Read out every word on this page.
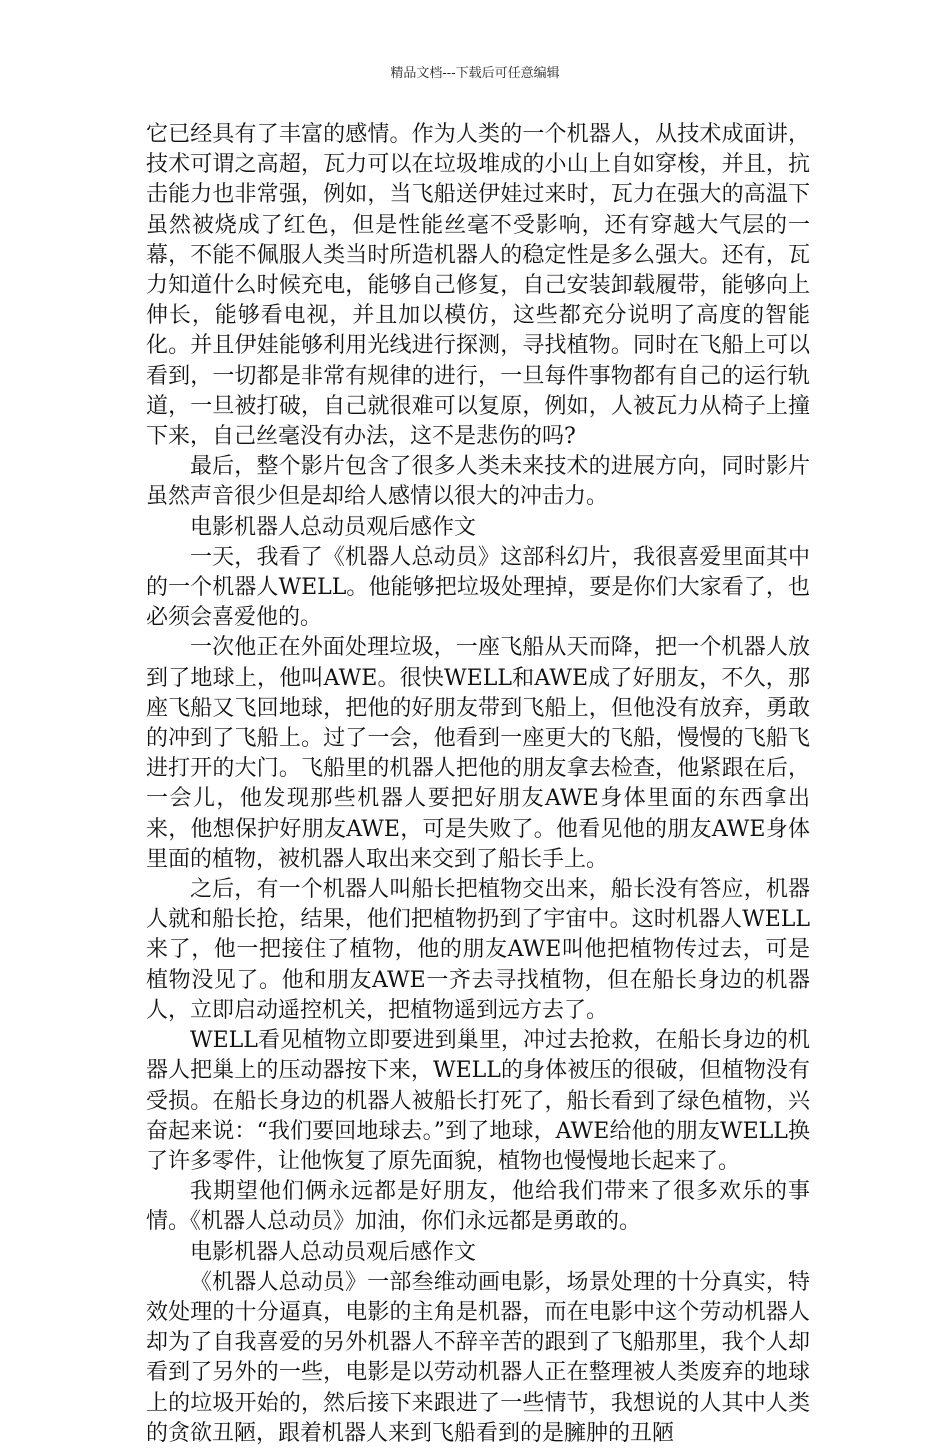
精品文档---下载后可任意编辑

它已经具有了丰富的感情。作为人类的一个机器人，从技术成面讲，技术可谓之高超，瓦力可以在垃圾堆成的小山上自如穿梭，并且，抗击能力也非常强，例如，当飞船送伊娃过来时，瓦力在强大的高温下虽然被烧成了红色，但是性能丝毫不受影响，还有穿越大气层的一幕，不能不佩服人类当时所造机器人的稳定性是多么强大。还有，瓦力知道什么时候充电，能够自己修复，自己安装卸载履带，能够向上伸长，能够看电视，并且加以模仿，这些都充分说明了高度的智能化。并且伊娃能够利用光线进行探测，寻找植物。同时在飞船上可以看到，一切都是非常有规律的进行，一旦每件事物都有自己的运行轨道，一旦被打破，自己就很难可以复原，例如，人被瓦力从椅子上撞下来，自己丝毫没有办法，这不是悲伤的吗?

最后，整个影片包含了很多人类未来技术的进展方向，同时影片虽然声音很少但是却给人感情以很大的冲击力。

电影机器人总动员观后感作文

一天，我看了《机器人总动员》这部科幻片，我很喜爱里面其中的一个机器人WELL。他能够把垃圾处理掉，要是你们大家看了，也必须会喜爱他的。

一次他正在外面处理垃圾，一座飞船从天而降，把一个机器人放到了地球上，他叫AWE。很快WELL和AWE成了好朋友，不久，那座飞船又飞回地球，把他的好朋友带到飞船上，但他没有放弃，勇敢的冲到了飞船上。过了一会，他看到一座更大的飞船，慢慢的飞船飞进打开的大门。飞船里的机器人把他的朋友拿去检查，他紧跟在后，一会儿，他发现那些机器人要把好朋友AWE身体里面的东西拿出来，他想保护好朋友AWE，可是失败了。他看见他的朋友AWE身体里面的植物，被机器人取出来交到了船长手上。

之后，有一个机器人叫船长把植物交出来，船长没有答应，机器人就和船长抢，结果，他们把植物扔到了宇宙中。这时机器人WELL来了，他一把接住了植物，他的朋友AWE叫他把植物传过去，可是植物没见了。他和朋友AWE一齐去寻找植物，但在船长身边的机器人，立即启动遥控机关，把植物遥到远方去了。

WELL看见植物立即要进到巢里，冲过去抢救，在船长身边的机器人把巢上的压动器按下来，WELL的身体被压的很破，但植物没有受损。在船长身边的机器人被船长打死了，船长看到了绿色植物，兴奋起来说：“我们要回地球去。”到了地球，AWE给他的朋友WELL换了许多零件，让他恢复了原先面貌，植物也慢慢地长起来了。

我期望他们俩永远都是好朋友，他给我们带来了很多欢乐的事情。《机器人总动员》加油，你们永远都是勇敢的。

电影机器人总动员观后感作文

《机器人总动员》一部叁维动画电影，场景处理的十分真实，特效处理的十分逼真，电影的主角是机器，而在电影中这个劳动机器人却为了自我喜爱的另外机器人不辞辛苦的跟到了飞船那里，我个人却看到了另外的一些，电影是以劳动机器人正在整理被人类废弃的地球上的垃圾开始的，然后接下来跟进了一些情节，我想说的人其中人类的贪欲丑陋，跟着机器人来到飞船看到的是臃肿的丑陋
